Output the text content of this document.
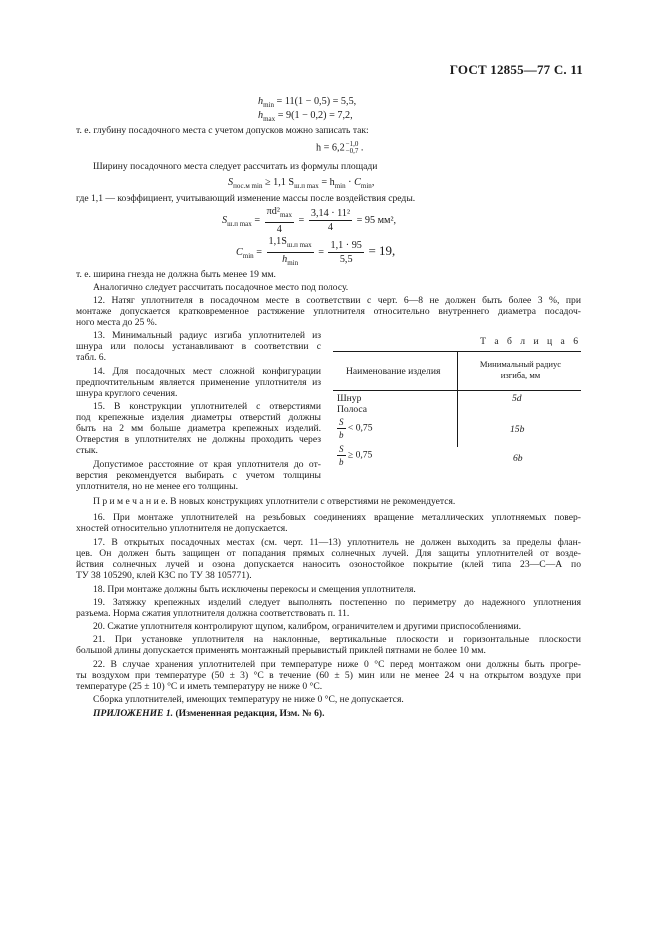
ГОСТ 12855—77 С. 11
$h_{min} = 11(1 - 0,5) = 5,5$,
$h_{max} = 9(1 - 0,2) = 7,2$,
т. е. глубину посадочного места с учетом допусков можно записать так:
h = 6,2 −1,0
−0,7 .
Ширину посадочного места следует рассчитать из формулы площади
$S_{пос.м min} \ge 1,1$ $S_{ш.п max} = h_{min} \cdot C_{min}$,
где 1,1 — коэффициент, учитывающий изменение массы после воздействия среды.
$S_{ш.п max} = \frac{\pi d^2_{max}}{4} = \frac{\text{3,14 · 11²}}{4} = 95$ мм²,
$C_{min} = \frac{1,1S_{ш.п max}}{h_{min}} = \frac{1,1 \cdot 95}{5,5} = 19$,
т. е. ширина гнезда не должна быть менее 19 мм.
Аналогично следует рассчитать посадочное место под полосу.
12. Натяг уплотнителя в посадочном месте в соответствии с черт. 6—8 не должен быть более 3 %, при
монтаже допускается кратковременное растяжение уплотнителя относительно внутреннего диаметра посадоч-
ного места до 25 %.
13. Минимальный радиус изгиба уплотнителей из
шнура или полосы устанавливают в соответствии с
табл. 6.
14. Для посадочных мест сложной конфигурации
предпочтительным является применение уплотнителя из
шнура круглого сечения.
15. В конструкции уплотнителей с отверстиями
под крепежные изделия диаметры отверстий должны
быть на 2 мм больше диаметра крепежных изделий.
Отверстия в уплотнителях не должны проходить через
стык.
Допустимое расстояние от края уплотнителя до от-
верстия рекомендуется выбирать с учетом толщины
уплотнителя, но не менее его толщины.
Т а б л и ц а 6
Наименование изделия
Минимальный радиус
изгиба, мм
Шнур	5d
Полоса
$\frac{S}{b} < 0,75$	15b
$\frac{S}{b} \ge 0,75$	6b
П р и м е ч а н и е. В новых конструкциях уплотнители с отверстиями не рекомендуется.
16. При монтаже уплотнителей на резьбовых соединениях вращение металлических уплотняемых повер-
хностей относительно уплотнителя не допускается.
17. В открытых посадочных местах (см. черт. 11—13) уплотнитель не должен выходить за пределы флан-
цев. Он должен быть защищен от попадания прямых солнечных лучей. Для защиты уплотнителей от возде-
йствия солнечных лучей и озона допускается наносить озоностойкое покрытие (клей типа 23—С—А по
ТУ 38 105290, клей КЗС по ТУ 38 105771).
18. При монтаже должны быть исключены перекосы и смещения уплотнителя.
19. Затяжку крепежных изделий следует выполнять постепенно по периметру до надежного уплотнения
разъема. Норма сжатия уплотнителя должна соответствовать п. 11.
20. Сжатие уплотнителя контролируют щупом, калибром, ограничителем и другими приспособлениями.
21. При установке уплотнителя на наклонные, вертикальные плоскости и горизонтальные плоскости
большой длины допускается применять монтажный прерывистый приклей пятнами не более 10 мм.
22. В случае хранения уплотнителей при температуре ниже 0 °С перед монтажом они должны быть прогре-
ты воздухом при температуре (50 ± 3) °С в течение (60 ± 5) мин или не менее 24 ч на открытом воздухе при
температуре (25 ± 10) °С и иметь температуру не ниже 0 °С.
Сборка уплотнителей, имеющих температуру не ниже 0 °С, не допускается.
ПРИЛОЖЕНИЕ 1. (Измененная редакция, Изм. № 6).
